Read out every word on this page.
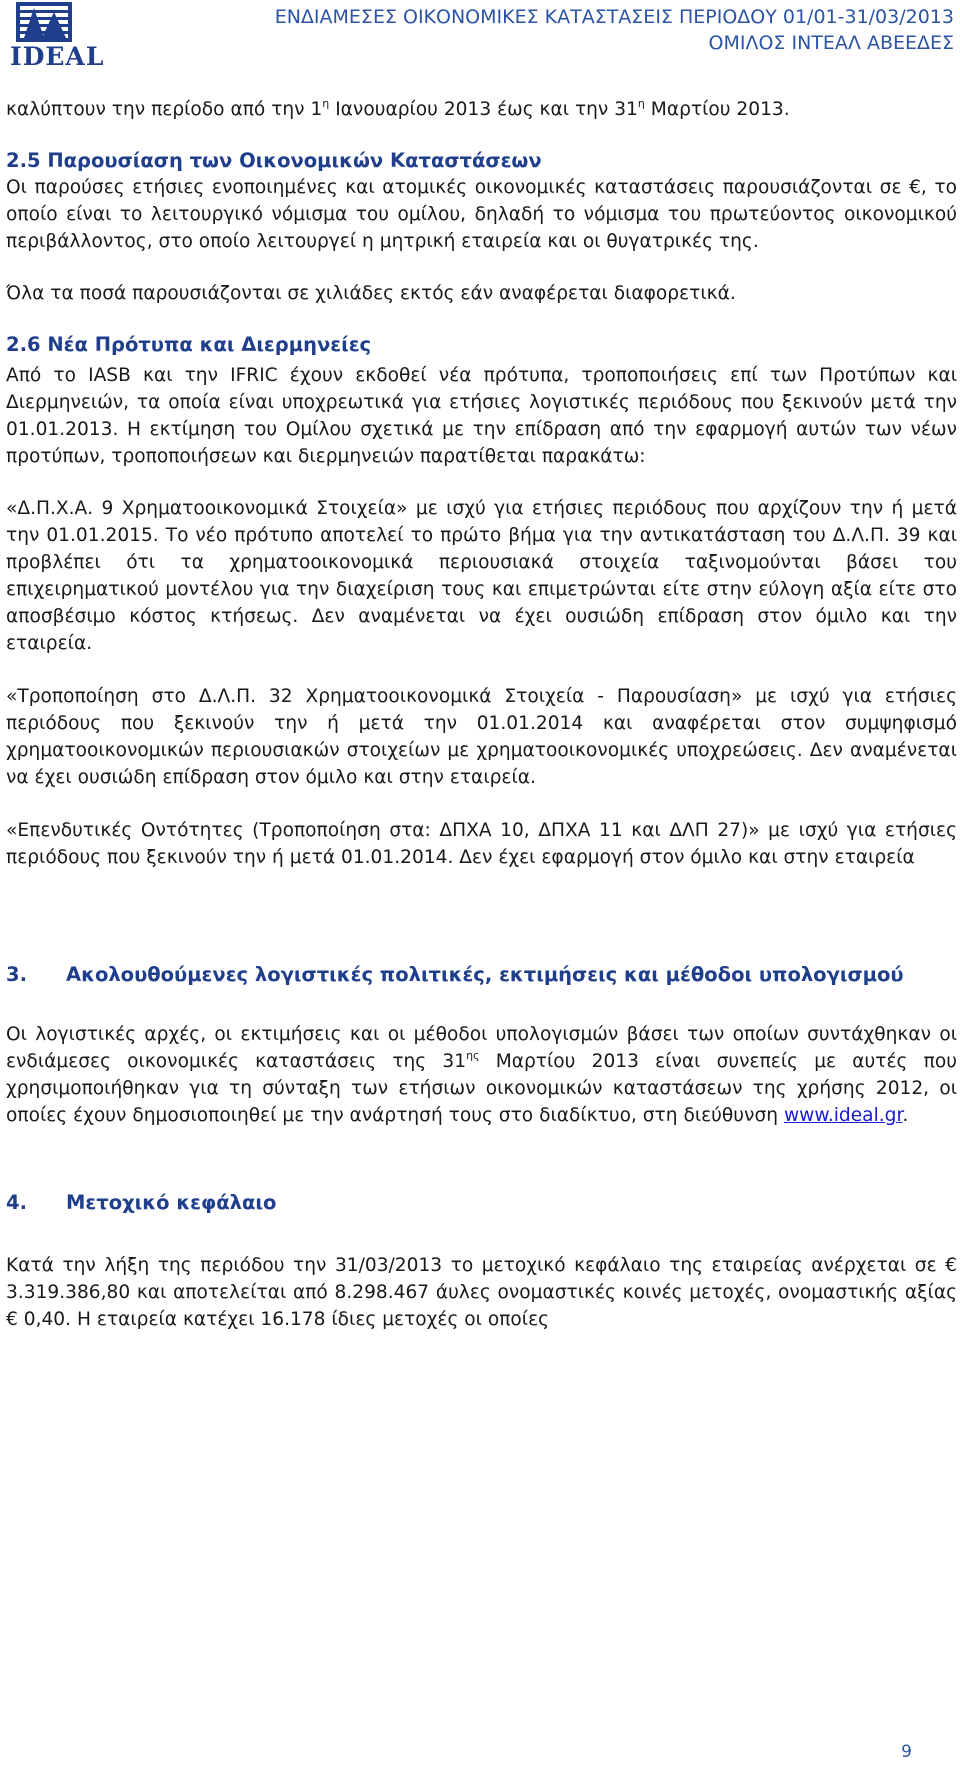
IDEAL
ΕΝΔΙΑΜΕΣΕΣ ΟΙΚΟΝΟΜΙΚΕΣ ΚΑΤΑΣΤΑΣΕΙΣ ΠΕΡΙΟΔΟΥ 01/01-31/03/2013
ΟΜΙΛΟΣ ΙΝΤΕΑΛ ΑΒΕΕΔΕΣ

καλύπτουν την περίοδο από την $1^\eta$ Ιανουαρίου 2013 έως και την $31^\eta$ Μαρτίου 2013.

2.5 Παρουσίαση των Οικονομικών Καταστάσεων

Οι παρούσες ετήσιες ενοποιημένες και ατομικές οικονομικές καταστάσεις παρουσιάζονται σε €, το οποίο είναι το λειτουργικό νόμισμα του ομίλου, δηλαδή το νόμισμα του πρωτεύοντος οικονομικού περιβάλλοντος, στο οποίο λειτουργεί η μητρική εταιρεία και οι θυγατρικές της.

Όλα τα ποσά παρουσιάζονται σε χιλιάδες εκτός εάν αναφέρεται διαφορετικά.

2.6 Νέα Πρότυπα και Διερμηνείες

Από το IASB και την IFRIC έχουν εκδοθεί νέα πρότυπα, τροποποιήσεις επί των Προτύπων και Διερμηνειών, τα οποία είναι υποχρεωτικά για ετήσιες λογιστικές περιόδους που ξεκινούν μετά την 01.01.2013. Η εκτίμηση του Ομίλου σχετικά με την επίδραση από την εφαρμογή αυτών των νέων προτύπων, τροποποιήσεων και διερμηνειών παρατίθεται παρακάτω:

«Δ.Π.Χ.Α. 9 Χρηματοοικονομικά Στοιχεία» με ισχύ για ετήσιες περιόδους που αρχίζουν την ή μετά την 01.01.2015. Το νέο πρότυπο αποτελεί το πρώτο βήμα για την αντικατάσταση του Δ.Λ.Π. 39 και προβλέπει ότι τα χρηματοοικονομικά περιουσιακά στοιχεία ταξινομούνται βάσει του επιχειρηματικού μοντέλου για την διαχείριση τους και επιμετρώνται είτε στην εύλογη αξία είτε στο αποσβέσιμο κόστος κτήσεως. Δεν αναμένεται να έχει ουσιώδη επίδραση στον όμιλο και την εταιρεία.

«Τροποποίηση στο Δ.Λ.Π. 32 Χρηματοοικονομικά Στοιχεία - Παρουσίαση» με ισχύ για ετήσιες περιόδους που ξεκινούν την ή μετά την 01.01.2014 και αναφέρεται στον συμψηφισμό χρηματοοικονομικών περιουσιακών στοιχείων με χρηματοοικονομικές υποχρεώσεις. Δεν αναμένεται να έχει ουσιώδη επίδραση στον όμιλο και στην εταιρεία.

«Επενδυτικές Οντότητες (Τροποποίηση στα: ΔΠΧΑ 10, ΔΠΧΑ 11 και ΔΛΠ 27)» με ισχύ για ετήσιες περιόδους που ξεκινούν την ή μετά 01.01.2014. Δεν έχει εφαρμογή στον όμιλο και στην εταιρεία

3.	Ακολουθούμενες λογιστικές πολιτικές, εκτιμήσεις και μέθοδοι υπολογισμού

Οι λογιστικές αρχές, οι εκτιμήσεις και οι μέθοδοι υπολογισμών βάσει των οποίων συντάχθηκαν οι ενδιάμεσες οικονομικές καταστάσεις της $31^{\eta\varsigma}$ Μαρτίου 2013 είναι συνεπείς με αυτές που χρησιμοποιήθηκαν για τη σύνταξη των ετήσιων οικονομικών καταστάσεων της χρήσης 2012, οι οποίες έχουν δημοσιοποιηθεί με την ανάρτησή τους στο διαδίκτυο, στη διεύθυνση www.ideal.gr.

4.	Μετοχικό κεφάλαιο

Κατά την λήξη της περιόδου την 31/03/2013 το μετοχικό κεφάλαιο της εταιρείας ανέρχεται σε € 3.319.386,80 και αποτελείται από 8.298.467 άυλες ονομαστικές κοινές μετοχές, ονομαστικής αξίας € 0,40. Η εταιρεία κατέχει 16.178 ίδιες μετοχές οι οποίες

9
